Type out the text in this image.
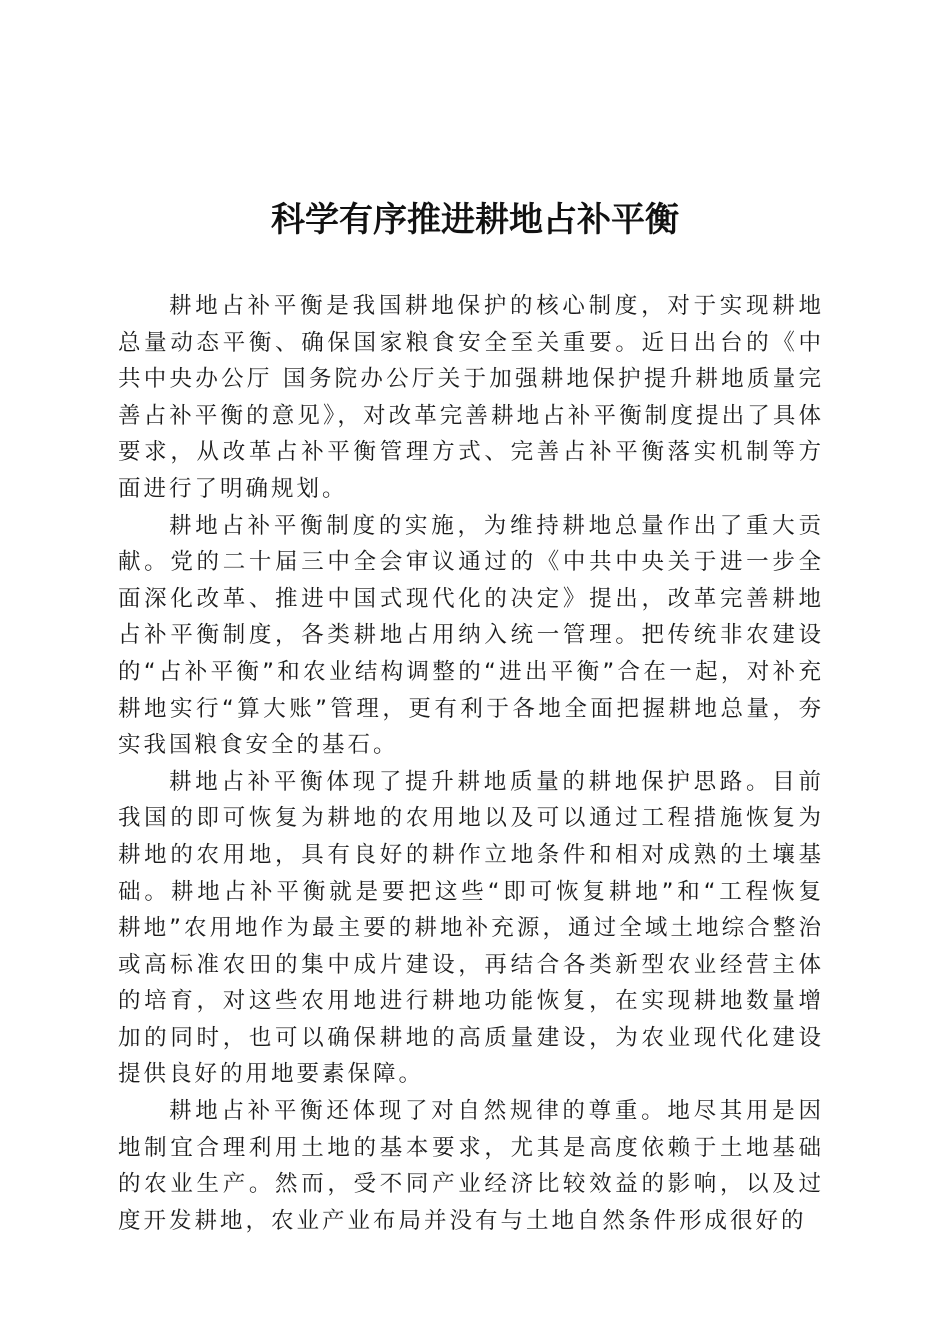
科学有序推进耕地占补平衡

耕地占补平衡是我国耕地保护的核心制度，对于实现耕地总量动态平衡、确保国家粮食安全至关重要。近日出台的《中共中央办公厅 国务院办公厅关于加强耕地保护提升耕地质量完善占补平衡的意见》，对改革完善耕地占补平衡制度提出了具体要求，从改革占补平衡管理方式、完善占补平衡落实机制等方面进行了明确规划。

耕地占补平衡制度的实施，为维持耕地总量作出了重大贡献。党的二十届三中全会审议通过的《中共中央关于进一步全面深化改革、推进中国式现代化的决定》提出，改革完善耕地占补平衡制度，各类耕地占用纳入统一管理。把传统非农建设的“占补平衡”和农业结构调整的“进出平衡”合在一起，对补充耕地实行“算大账”管理，更有利于各地全面把握耕地总量，夯实我国粮食安全的基石。

耕地占补平衡体现了提升耕地质量的耕地保护思路。目前我国的即可恢复为耕地的农用地以及可以通过工程措施恢复为耕地的农用地，具有良好的耕作立地条件和相对成熟的土壤基础。耕地占补平衡就是要把这些“即可恢复耕地”和“工程恢复耕地”农用地作为最主要的耕地补充源，通过全域土地综合整治或高标准农田的集中成片建设，再结合各类新型农业经营主体的培育，对这些农用地进行耕地功能恢复，在实现耕地数量增加的同时，也可以确保耕地的高质量建设，为农业现代化建设提供良好的用地要素保障。

耕地占补平衡还体现了对自然规律的尊重。地尽其用是因地制宜合理利用土地的基本要求，尤其是高度依赖于土地基础的农业生产。然而，受不同产业经济比较效益的影响，以及过度开发耕地，农业产业布局并没有与土地自然条件形成很好的
